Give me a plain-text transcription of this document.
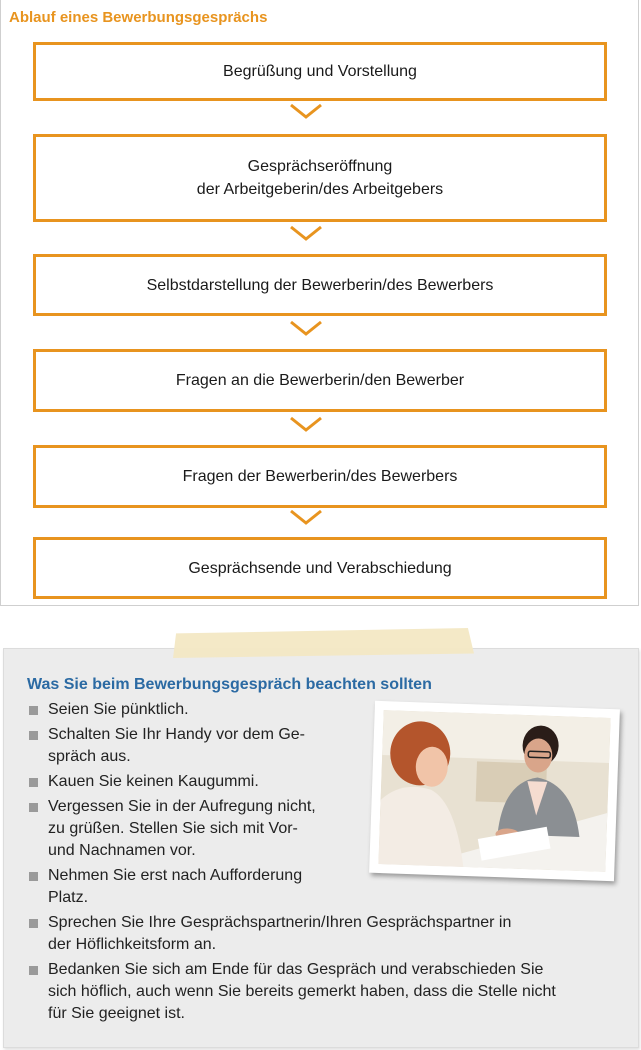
Ablauf eines Bewerbungsgesprächs
Begrüßung und Vorstellung
Gesprächseröffnung
der Arbeitgeberin/des Arbeitgebers
Selbstdarstellung der Bewerberin/des Bewerbers
Fragen an die Bewerberin/den Bewerber
Fragen der Bewerberin/des Bewerbers
Gesprächsende und Verabschiedung
Was Sie beim Bewerbungsgespräch beachten sollten
Seien Sie pünktlich.
Schalten Sie Ihr Handy vor dem Ge-
spräch aus.
Kauen Sie keinen Kaugummi.
Vergessen Sie in der Aufregung nicht,
zu grüßen. Stellen Sie sich mit Vor-
und Nachnamen vor.
Nehmen Sie erst nach Aufforderung
Platz.
Sprechen Sie Ihre Gesprächspartnerin/Ihren Gesprächspartner in
der Höflichkeitsform an.
Bedanken Sie sich am Ende für das Gespräch und verabschieden Sie
sich höflich, auch wenn Sie bereits gemerkt haben, dass die Stelle nicht
für Sie geeignet ist.
